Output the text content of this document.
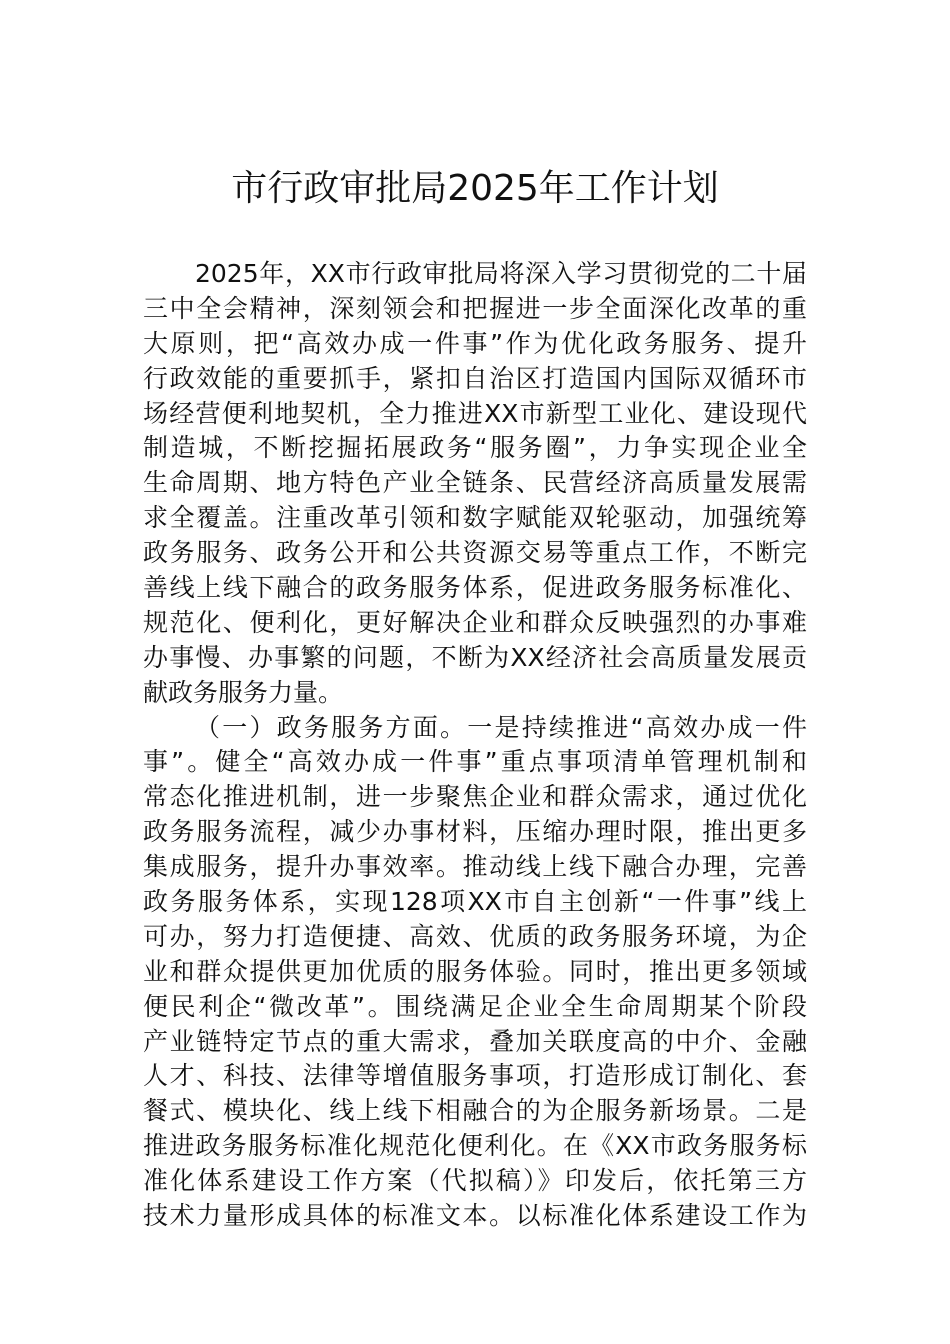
市行政审批局2025年工作计划
2025年，XX市行政审批局将深入学习贯彻党的二十届
三中全会精神，深刻领会和把握进一步全面深化改革的重
大原则，把“高效办成一件事”作为优化政务服务、提升
行政效能的重要抓手，紧扣自治区打造国内国际双循环市
场经营便利地契机，全力推进XX市新型工业化、建设现代
制造城，不断挖掘拓展政务“服务圈”，力争实现企业全
生命周期、地方特色产业全链条、民营经济高质量发展需
求全覆盖。注重改革引领和数字赋能双轮驱动，加强统筹
政务服务、政务公开和公共资源交易等重点工作，不断完
善线上线下融合的政务服务体系，促进政务服务标准化、
规范化、便利化，更好解决企业和群众反映强烈的办事难
办事慢、办事繁的问题，不断为XX经济社会高质量发展贡
献政务服务力量。
（一）政务服务方面。一是持续推进“高效办成一件
事”。健全“高效办成一件事”重点事项清单管理机制和
常态化推进机制，进一步聚焦企业和群众需求，通过优化
政务服务流程，减少办事材料，压缩办理时限，推出更多
集成服务，提升办事效率。推动线上线下融合办理，完善
政务服务体系，实现128项XX市自主创新“一件事”线上
可办，努力打造便捷、高效、优质的政务服务环境，为企
业和群众提供更加优质的服务体验。同时，推出更多领域
便民利企“微改革”。围绕满足企业全生命周期某个阶段
产业链特定节点的重大需求，叠加关联度高的中介、金融
人才、科技、法律等增值服务事项，打造形成订制化、套
餐式、模块化、线上线下相融合的为企服务新场景。二是
推进政务服务标准化规范化便利化。在《XX市政务服务标
准化体系建设工作方案（代拟稿）》印发后，依托第三方
技术力量形成具体的标准文本。以标准化体系建设工作为
